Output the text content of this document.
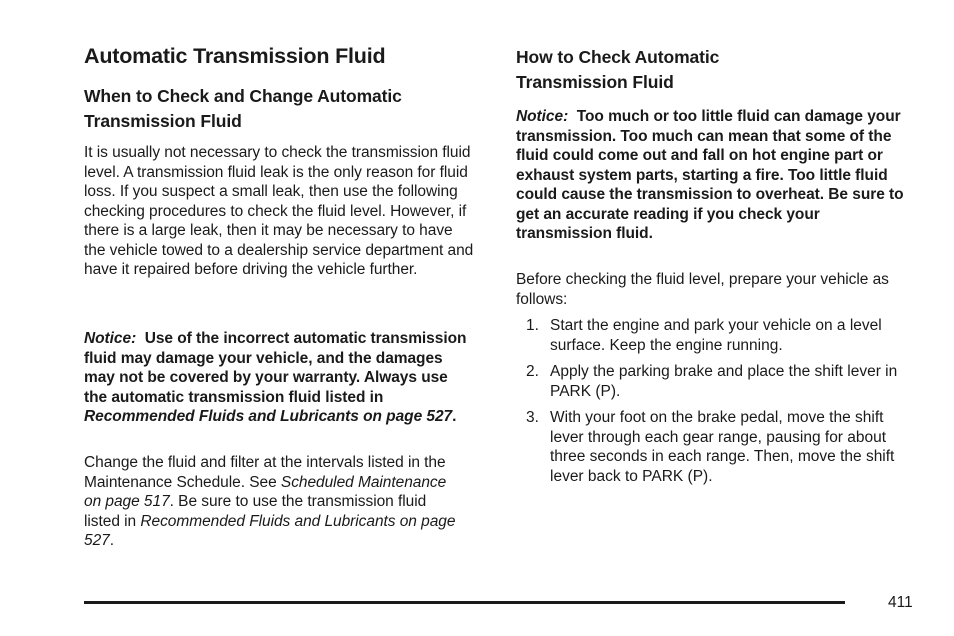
Automatic Transmission Fluid
When to Check and Change Automatic Transmission Fluid

It is usually not necessary to check the transmission fluid level. A transmission fluid leak is the only reason for fluid loss. If you suspect a small leak, then use the following checking procedures to check the fluid level. However, if there is a large leak, then it may be necessary to have the vehicle towed to a dealership service department and have it repaired before driving the vehicle further.

Notice: Use of the incorrect automatic transmission fluid may damage your vehicle, and the damages may not be covered by your warranty. Always use the automatic transmission fluid listed in Recommended Fluids and Lubricants on page 527.

Change the fluid and filter at the intervals listed in the Maintenance Schedule. See Scheduled Maintenance on page 517. Be sure to use the transmission fluid listed in Recommended Fluids and Lubricants on page 527.

How to Check Automatic Transmission Fluid

Notice: Too much or too little fluid can damage your transmission. Too much can mean that some of the fluid could come out and fall on hot engine part or exhaust system parts, starting a fire. Too little fluid could cause the transmission to overheat. Be sure to get an accurate reading if you check your transmission fluid.

Before checking the fluid level, prepare your vehicle as follows:

1. Start the engine and park your vehicle on a level surface. Keep the engine running.
2. Apply the parking brake and place the shift lever in PARK (P).
3. With your foot on the brake pedal, move the shift lever through each gear range, pausing for about three seconds in each range. Then, move the shift lever back to PARK (P).
411
